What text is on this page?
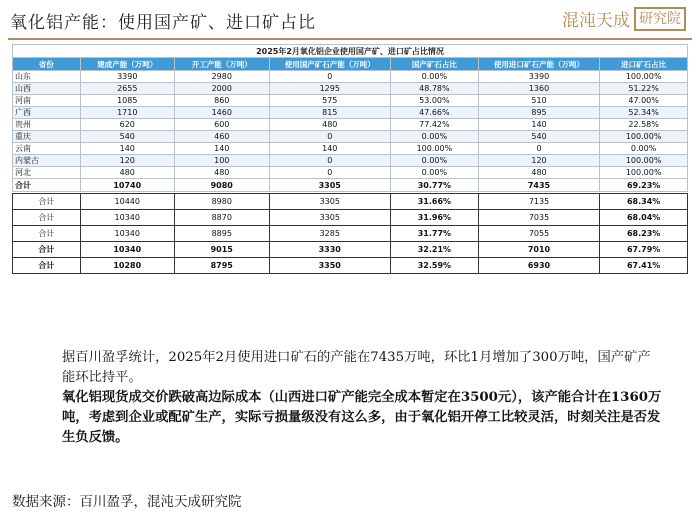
氧化铝产能：使用国产矿、进口矿占比	混沌天成 研究院
2025年2月氧化铝企业使用国产矿、进口矿占比情况						
省份	建成产能（万吨）	开工产能（万吨）	使用国产矿石产能（万吨）	国产矿石占比	使用进口矿石产能（万吨）	进口矿石占比
山东	3390	2980	0	0.00%	3390	100.00%
山西	2655	2000	1295	48.78%	1360	51.22%
河南	1085	860	575	53.00%	510	47.00%
广西	1710	1460	815	47.66%	895	52.34%
贵州	620	600	480	77.42%	140	22.58%
重庆	540	460	0	0.00%	540	100.00%
云南	140	140	140	100.00%	0	0.00%
内蒙古	120	100	0	0.00%	120	100.00%
河北	480	480	0	0.00%	480	100.00%
合计	10740	9080	3305	30.77%	7435	69.23%
合计	10440	8980	3305	31.66%	7135	68.34%
合计	10340	8870	3305	31.96%	7035	68.04%
合计	10340	8895	3285	31.77%	7055	68.23%
合计	10340	9015	3330	32.21%	7010	67.79%
合计	10280	8795	3350	32.59%	6930	67.41%
据百川盈孚统计，2025年2月使用进口矿石的产能在7435万吨，环比1月增加了300万吨，国产矿产能环比持平。
氧化铝现货成交价跌破高边际成本（山西进口矿产能完全成本暂定在3500元），该产能合计在1360万吨，考虑到企业或配矿生产，实际亏损量级没有这么多，由于氧化铝开停工比较灵活，时刻关注是否发生负反馈。
数据来源：百川盈孚，混沌天成研究院
